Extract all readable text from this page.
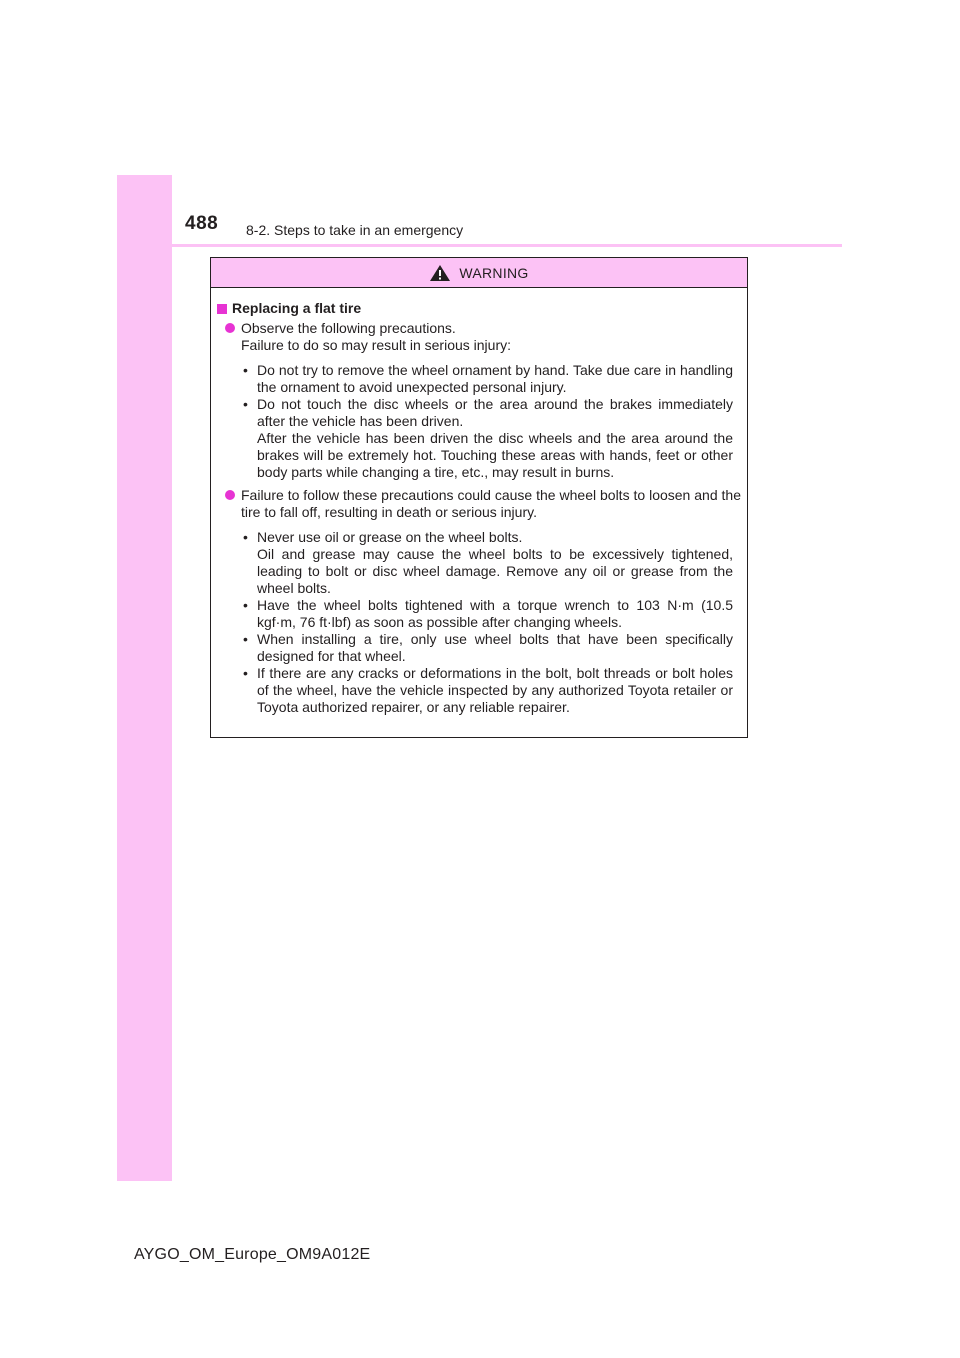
488 8-2. Steps to take in an emergency
WARNING
Replacing a flat tire

Observe the following precautions.

Failure to do so may result in serious injury:

• Do not try to remove the wheel ornament by hand. Take due care in handling the ornament to avoid unexpected personal injury.

• Do not touch the disc wheels or the area around the brakes immediately after the vehicle has been driven.

After the vehicle has been driven the disc wheels and the area around the brakes will be extremely hot. Touching these areas with hands, feet or other body parts while changing a tire, etc., may result in burns.

Failure to follow these precautions could cause the wheel bolts to loosen and the tire to fall off, resulting in death or serious injury.

• Never use oil or grease on the wheel bolts.

Oil and grease may cause the wheel bolts to be excessively tightened, leading to bolt or disc wheel damage. Remove any oil or grease from the wheel bolts.

• Have the wheel bolts tightened with a torque wrench to 103 N·m (10.5 kgf·m, 76 ft·lbf) as soon as possible after changing wheels.

• When installing a tire, only use wheel bolts that have been specifically designed for that wheel.

• If there are any cracks or deformations in the bolt, bolt threads or bolt holes of the wheel, have the vehicle inspected by any authorized Toyota retailer or Toyota authorized repairer, or any reliable repairer.

AYGO_OM_Europe_OM9A012E
